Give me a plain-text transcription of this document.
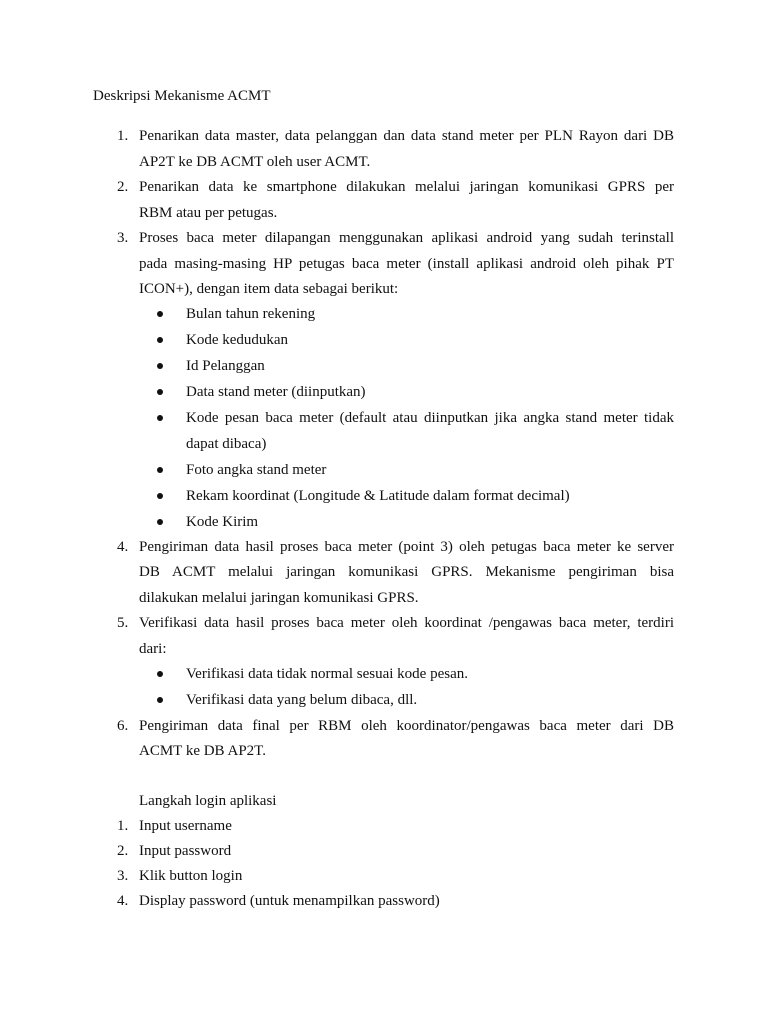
Deskripsi Mekanisme ACMT
1. Penarikan data master, data pelanggan dan data stand meter per PLN Rayon dari DB
AP2T ke DB ACMT oleh user ACMT.
2. Penarikan data ke smartphone dilakukan melalui jaringan komunikasi GPRS per
RBM atau per petugas.
3. Proses baca meter dilapangan menggunakan aplikasi android yang sudah terinstall
pada masing-masing HP petugas baca meter (install aplikasi android oleh pihak PT
ICON+), dengan item data sebagai berikut:
Bulan tahun rekening
Kode kedudukan
Id Pelanggan
Data stand meter (diinputkan)
Kode pesan baca meter (default atau diinputkan jika angka stand meter tidak
dapat dibaca)
Foto angka stand meter
Rekam koordinat (Longitude & Latitude dalam format decimal)
Kode Kirim
4. Pengiriman data hasil proses baca meter (point 3) oleh petugas baca meter ke server
DB ACMT melalui jaringan komunikasi GPRS. Mekanisme pengiriman bisa
dilakukan melalui jaringan komunikasi GPRS.
5. Verifikasi data hasil proses baca meter oleh koordinat /pengawas baca meter, terdiri
dari:
Verifikasi data tidak normal sesuai kode pesan.
Verifikasi data yang belum dibaca, dll.
6. Pengiriman data final per RBM oleh koordinator/pengawas baca meter dari DB
ACMT ke DB AP2T.
Langkah login aplikasi
1. Input username
2. Input password
3. Klik button login
4. Display password (untuk menampilkan password)
